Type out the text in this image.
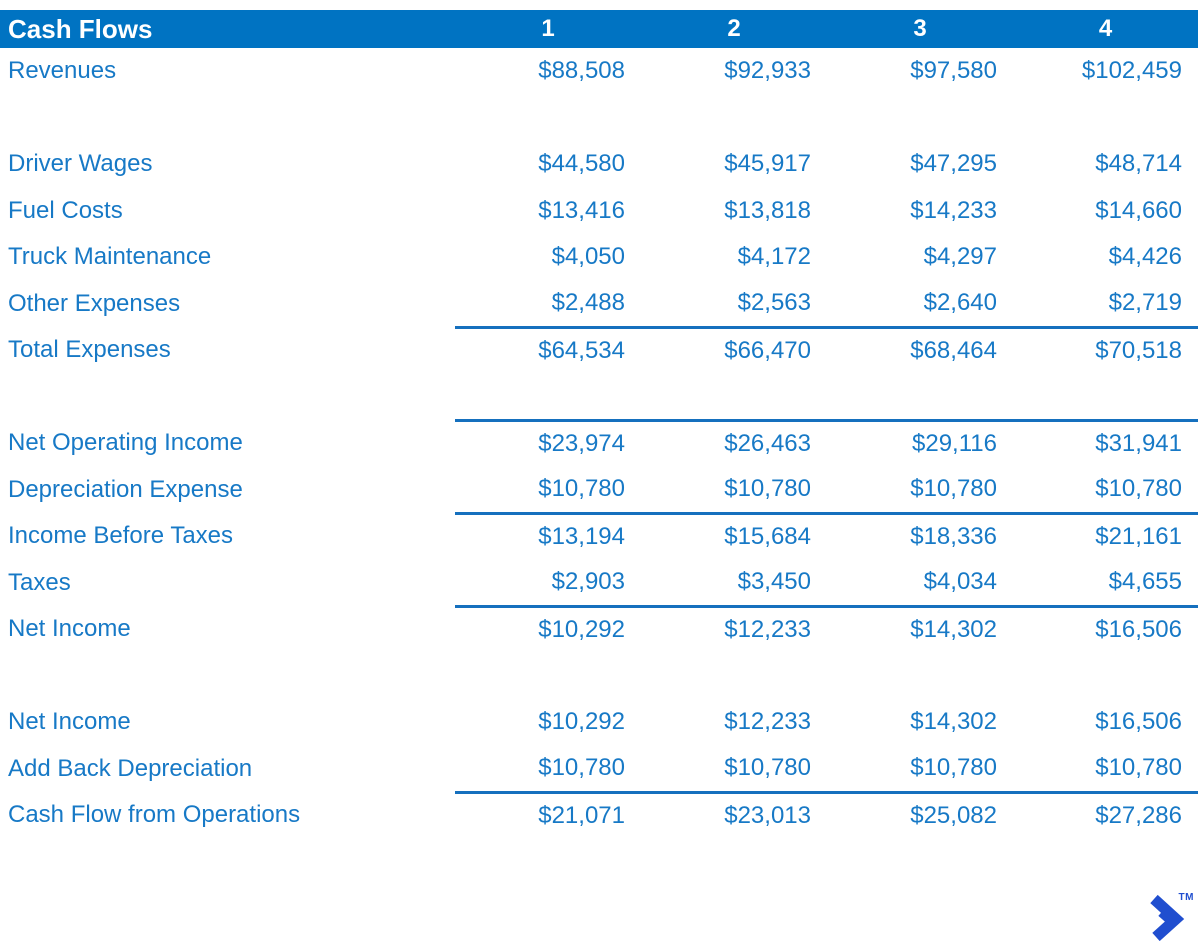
Cash Flows	1	2	3	4
Revenues	$88,508	$92,933	$97,580	$102,459

Driver Wages	$44,580	$45,917	$47,295	$48,714
Fuel Costs	$13,416	$13,818	$14,233	$14,660
Truck Maintenance	$4,050	$4,172	$4,297	$4,426
Other Expenses	$2,488	$2,563	$2,640	$2,719
Total Expenses	$64,534	$66,470	$68,464	$70,518

Net Operating Income	$23,974	$26,463	$29,116	$31,941
Depreciation Expense	$10,780	$10,780	$10,780	$10,780
Income Before Taxes	$13,194	$15,684	$18,336	$21,161
Taxes	$2,903	$3,450	$4,034	$4,655
Net Income	$10,292	$12,233	$14,302	$16,506

Net Income	$10,292	$12,233	$14,302	$16,506
Add Back Depreciation	$10,780	$10,780	$10,780	$10,780
Cash Flow from Operations	$21,071	$23,013	$25,082	$27,286
TM
